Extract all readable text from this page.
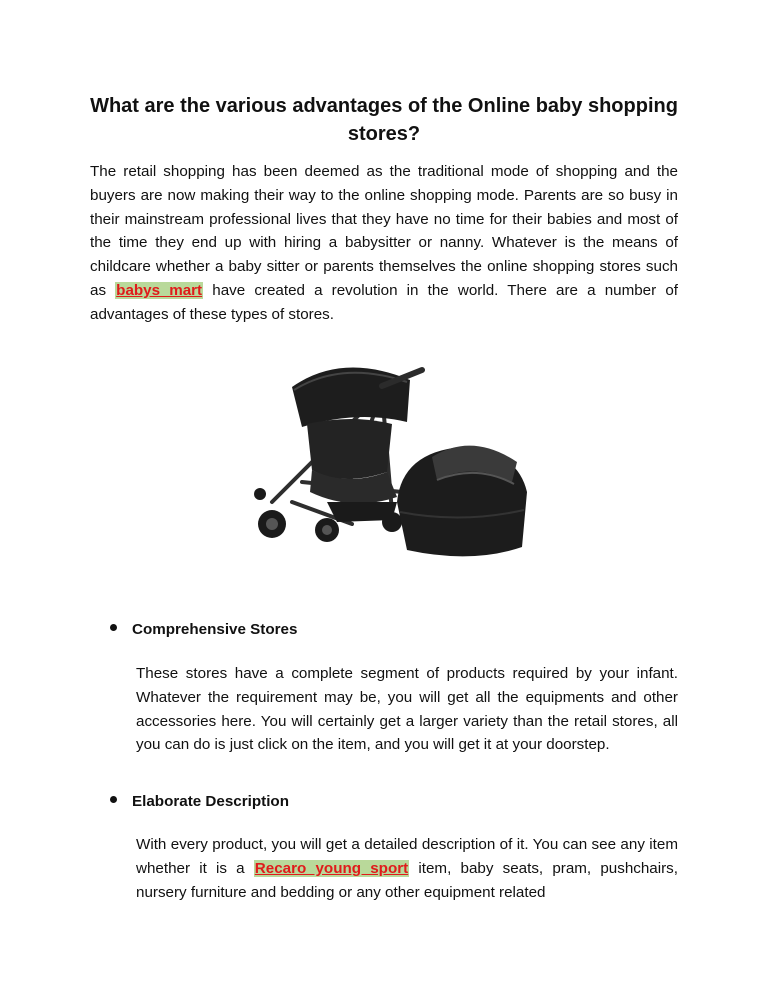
What are the various advantages of the Online baby shopping stores?

The retail shopping has been deemed as the traditional mode of shopping and the buyers are now making their way to the online shopping mode. Parents are so busy in their mainstream professional lives that they have no time for their babies and most of the time they end up with hiring a babysitter or nanny. Whatever is the means of childcare whether a baby sitter or parents themselves the online shopping stores such as babys mart have created a revolution in the world. There are a number of advantages of these types of stores.

Comprehensive Stores

These stores have a complete segment of products required by your infant. Whatever the requirement may be, you will get all the equipments and other accessories here. You will certainly get a larger variety than the retail stores, all you can do is just click on the item, and you will get it at your doorstep.

Elaborate Description

With every product, you will get a detailed description of it. You can see any item whether it is a Recaro young sport item, baby seats, pram, pushchairs, nursery furniture and bedding or any other equipment related
